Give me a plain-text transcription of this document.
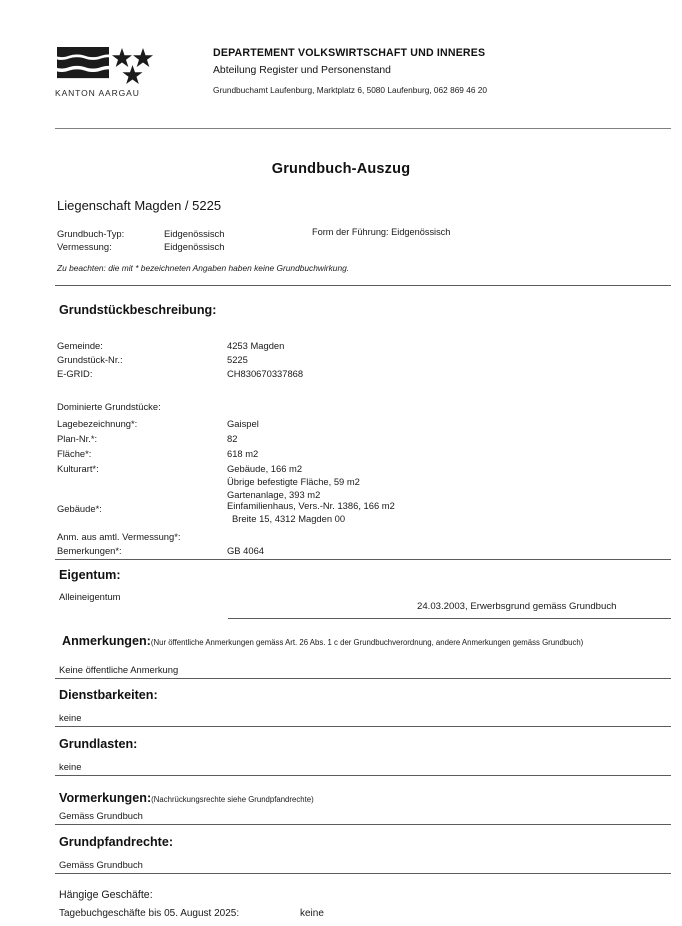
KANTON AARGAU
DEPARTEMENT VOLKSWIRTSCHAFT UND INNERES
Abteilung Register und Personenstand
Grundbuchamt Laufenburg, Marktplatz 6, 5080 Laufenburg, 062 869 46 20
Grundbuch-Auszug
Liegenschaft Magden / 5225
Grundbuch-Typ:	Eidgenössisch	Form der Führung: Eidgenössisch
Vermessung:	Eidgenössisch
Zu beachten: die mit * bezeichneten Angaben haben keine Grundbuchwirkung.
Grundstückbeschreibung:
Gemeinde:	4253 Magden
Grundstück-Nr.:	5225
E-GRID:	CH830670337868
Dominierte Grundstücke:
Lagebezeichnung*:	Gaispel
Plan-Nr.*:	82
Fläche*:	618 m2
Kulturart*:	Gebäude, 166 m2
Übrige befestigte Fläche, 59 m2
Gartenanlage, 393 m2
Gebäude*:	Einfamilienhaus, Vers.-Nr. 1386, 166 m2
Breite 15, 4312 Magden 00
Anm. aus amtl. Vermessung*:
Bemerkungen*:	GB 4064
Eigentum:
Alleineigentum
24.03.2003, Erwerbsgrund gemäss Grundbuch
Anmerkungen:(Nur öffentliche Anmerkungen gemäss Art. 26 Abs. 1 c der Grundbuchverordnung, andere Anmerkungen gemäss Grundbuch)
Keine öffentliche Anmerkung
Dienstbarkeiten:
keine
Grundlasten:
keine
Vormerkungen:(Nachrückungsrechte siehe Grundpfandrechte)
Gemäss Grundbuch
Grundpfandrechte:
Gemäss Grundbuch
Hängige Geschäfte:
Tagebuchgeschäfte bis 05. August 2025:	keine
